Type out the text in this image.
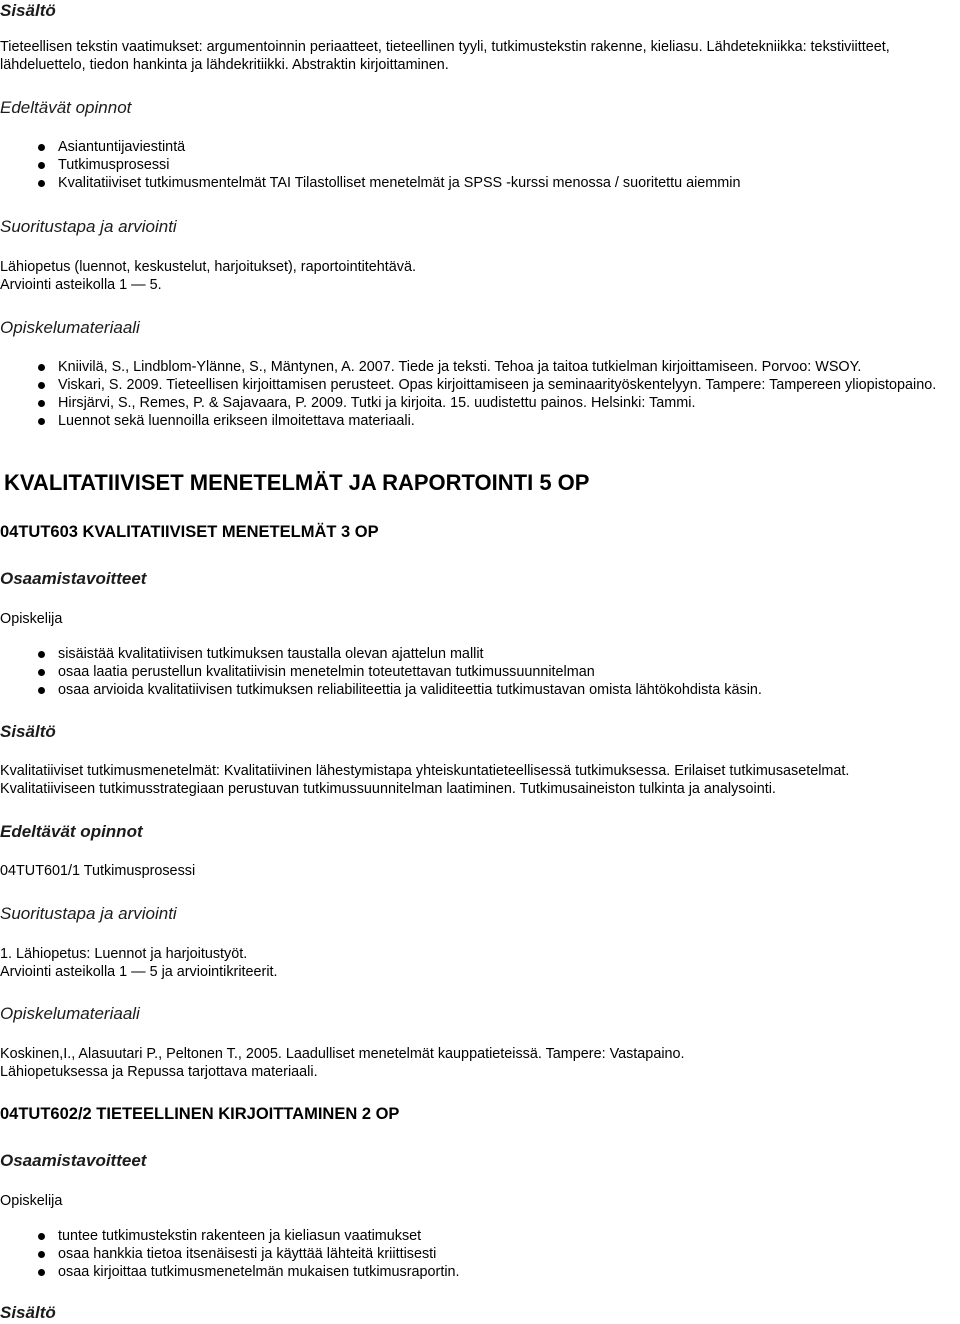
Sisältö

Tieteellisen tekstin vaatimukset: argumentoinnin periaatteet, tieteellinen tyyli, tutkimustekstin rakenne, kieliasu. Lähdetekniikka: tekstiviitteet,

lähdeluettelo, tiedon hankinta ja lähdekritiikki. Abstraktin kirjoittaminen.

Edeltävät opinnot
Asiantuntijaviestintä
Tutkimusprosessi
Kvalitatiiviset tutkimusmentelmät TAI Tilastolliset menetelmät ja SPSS -kurssi menossa / suoritettu aiemmin
Suoritustapa ja arviointi

Lähiopetus (luennot, keskustelut, harjoitukset), raportointitehtävä.

Arviointi asteikolla 1 — 5.

Opiskelumateriaali
Kniivilä, S., Lindblom-Ylänne, S., Mäntynen, A. 2007. Tiede ja teksti. Tehoa ja taitoa tutkielman kirjoittamiseen. Porvoo: WSOY.
Viskari, S. 2009. Tieteellisen kirjoittamisen perusteet. Opas kirjoittamiseen ja seminaarityöskentelyyn. Tampere: Tampereen yliopistopaino.
Hirsjärvi, S., Remes, P. & Sajavaara, P. 2009. Tutki ja kirjoita. 15. uudistettu painos. Helsinki: Tammi.
Luennot sekä luennoilla erikseen ilmoitettava materiaali.
KVALITATIIVISET MENETELMÄT JA RAPORTOINTI 5 OP
04TUT603 KVALITATIIVISET MENETELMÄT 3 OP
Osaamistavoitteet

Opiskelija

sisäistää kvalitatiivisen tutkimuksen taustalla olevan ajattelun mallit
osaa laatia perustellun kvalitatiivisin menetelmin toteutettavan tutkimussuunnitelman
osaa arvioida kvalitatiivisen tutkimuksen reliabiliteettia ja validiteettia tutkimustavan omista lähtökohdista käsin.
Sisältö

Kvalitatiiviset tutkimusmenetelmät: Kvalitatiivinen lähestymistapa yhteiskuntatieteellisessä tutkimuksessa. Erilaiset tutkimusasetelmat.

Kvalitatiiviseen tutkimusstrategiaan perustuvan tutkimussuunnitelman laatiminen. Tutkimusaineiston tulkinta ja analysointi.

Edeltävät opinnot

04TUT601/1 Tutkimusprosessi

Suoritustapa ja arviointi

1. Lähiopetus: Luennot ja harjoitustyöt.

Arviointi asteikolla 1 — 5 ja arviointikriteerit.

Opiskelumateriaali

Koskinen,I., Alasuutari P., Peltonen T., 2005. Laadulliset menetelmät kauppatieteissä. Tampere: Vastapaino.

Lähiopetuksessa ja Repussa tarjottava materiaali.

04TUT602/2 TIETEELLINEN KIRJOITTAMINEN 2 OP
Osaamistavoitteet

Opiskelija

tuntee tutkimustekstin rakenteen ja kieliasun vaatimukset
osaa hankkia tietoa itsenäisesti ja käyttää lähteitä kriittisesti
osaa kirjoittaa tutkimusmenetelmän mukaisen tutkimusraportin.
Sisältö
